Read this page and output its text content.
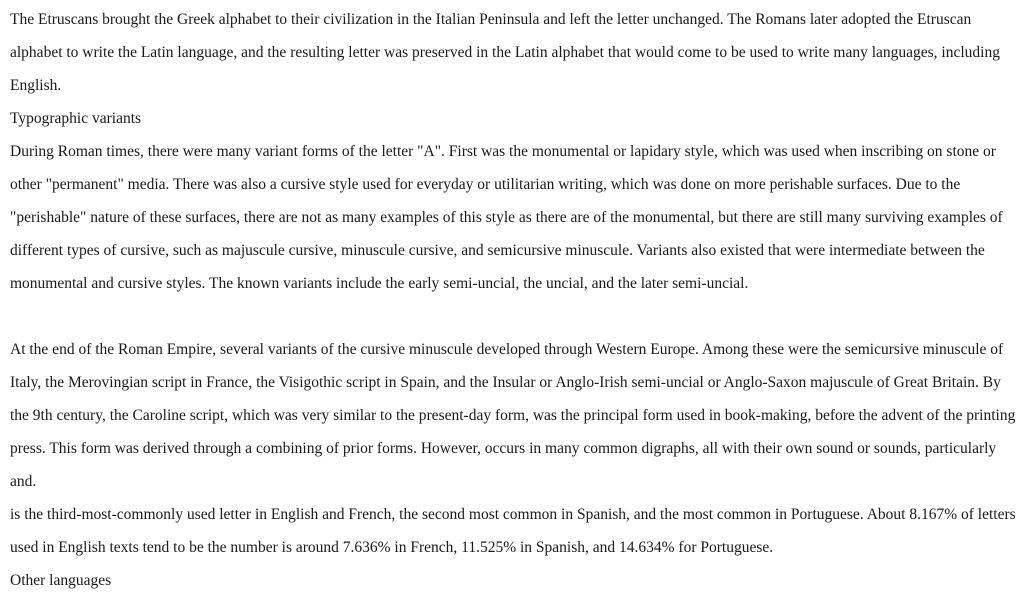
The Etruscans brought the Greek alphabet to their civilization in the Italian Peninsula and left the letter unchanged. The Romans later adopted the Etruscan alphabet to write the Latin language, and the resulting letter was preserved in the Latin alphabet that would come to be used to write many languages, including English.

Typographic variants

During Roman times, there were many variant forms of the letter "A". First was the monumental or lapidary style, which was used when inscribing on stone or other "permanent" media. There was also a cursive style used for everyday or utilitarian writing, which was done on more perishable surfaces. Due to the "perishable" nature of these surfaces, there are not as many examples of this style as there are of the monumental, but there are still many surviving examples of different types of cursive, such as majuscule cursive, minuscule cursive, and semicursive minuscule. Variants also existed that were intermediate between the monumental and cursive styles. The known variants include the early semi-uncial, the uncial, and the later semi-uncial.

At the end of the Roman Empire, several variants of the cursive minuscule developed through Western Europe. Among these were the semicursive minuscule of Italy, the Merovingian script in France, the Visigothic script in Spain, and the Insular or Anglo-Irish semi-uncial or Anglo-Saxon majuscule of Great Britain. By the 9th century, the Caroline script, which was very similar to the present-day form, was the principal form used in book-making, before the advent of the printing press. This form was derived through a combining of prior forms. However, occurs in many common digraphs, all with their own sound or sounds, particularly and.

is the third-most-commonly used letter in English and French, the second most common in Spanish, and the most common in Portuguese. About 8.167% of letters used in English texts tend to be the number is around 7.636% in French, 11.525% in Spanish, and 14.634% for Portuguese.

Other languages
